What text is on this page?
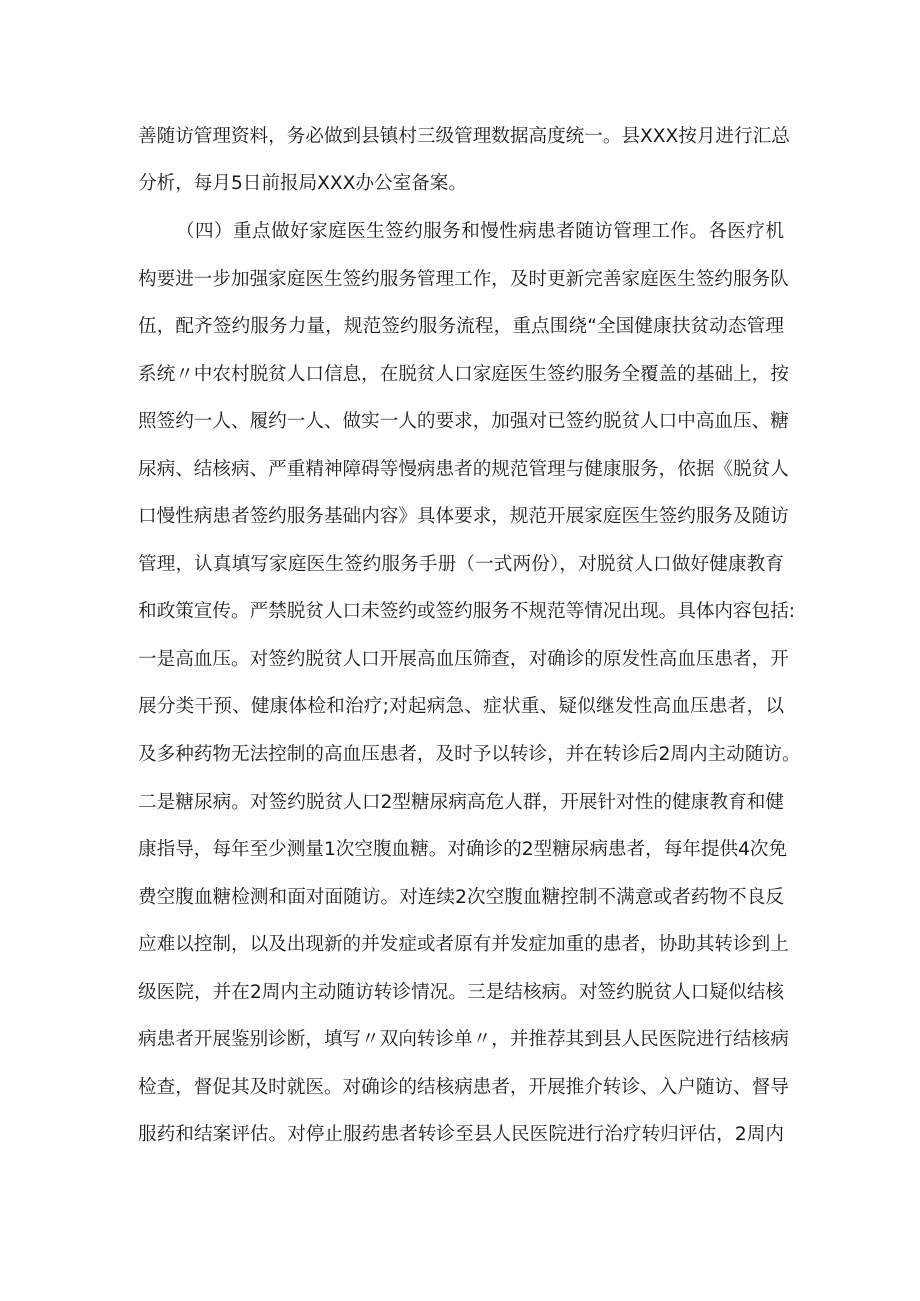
善随访管理资料，务必做到县镇村三级管理数据高度统一。县XXX按月进行汇总

分析，每月5日前报局XXX办公室备案。

（四）重点做好家庭医生签约服务和慢性病患者随访管理工作。各医疗机

构要进一步加强家庭医生签约服务管理工作，及时更新完善家庭医生签约服务队

伍，配齐签约服务力量，规范签约服务流程，重点围绕“全国健康扶贫动态管理

系统〃中农村脱贫人口信息，在脱贫人口家庭医生签约服务全覆盖的基础上，按

照签约一人、履约一人、做实一人的要求，加强对已签约脱贫人口中高血压、糖

尿病、结核病、严重精神障碍等慢病患者的规范管理与健康服务，依据《脱贫人

口慢性病患者签约服务基础内容》具体要求，规范开展家庭医生签约服务及随访

管理，认真填写家庭医生签约服务手册（一式两份），对脱贫人口做好健康教育

和政策宣传。严禁脱贫人口未签约或签约服务不规范等情况出现。具体内容包括:

一是高血压。对签约脱贫人口开展高血压筛查，对确诊的原发性高血压患者，开

展分类干预、健康体检和治疗;对起病急、症状重、疑似继发性高血压患者，以

及多种药物无法控制的高血压患者，及时予以转诊，并在转诊后2周内主动随访。

二是糖尿病。对签约脱贫人口2型糖尿病高危人群，开展针对性的健康教育和健

康指导，每年至少测量1次空腹血糖。对确诊的2型糖尿病患者，每年提供4次免

费空腹血糖检测和面对面随访。对连续2次空腹血糖控制不满意或者药物不良反

应难以控制，以及出现新的并发症或者原有并发症加重的患者，协助其转诊到上

级医院，并在2周内主动随访转诊情况。三是结核病。对签约脱贫人口疑似结核

病患者开展鉴别诊断，填写〃双向转诊单〃，并推荐其到县人民医院进行结核病

检查，督促其及时就医。对确诊的结核病患者，开展推介转诊、入户随访、督导

服药和结案评估。对停止服药患者转诊至县人民医院进行治疗转归评估，2周内
